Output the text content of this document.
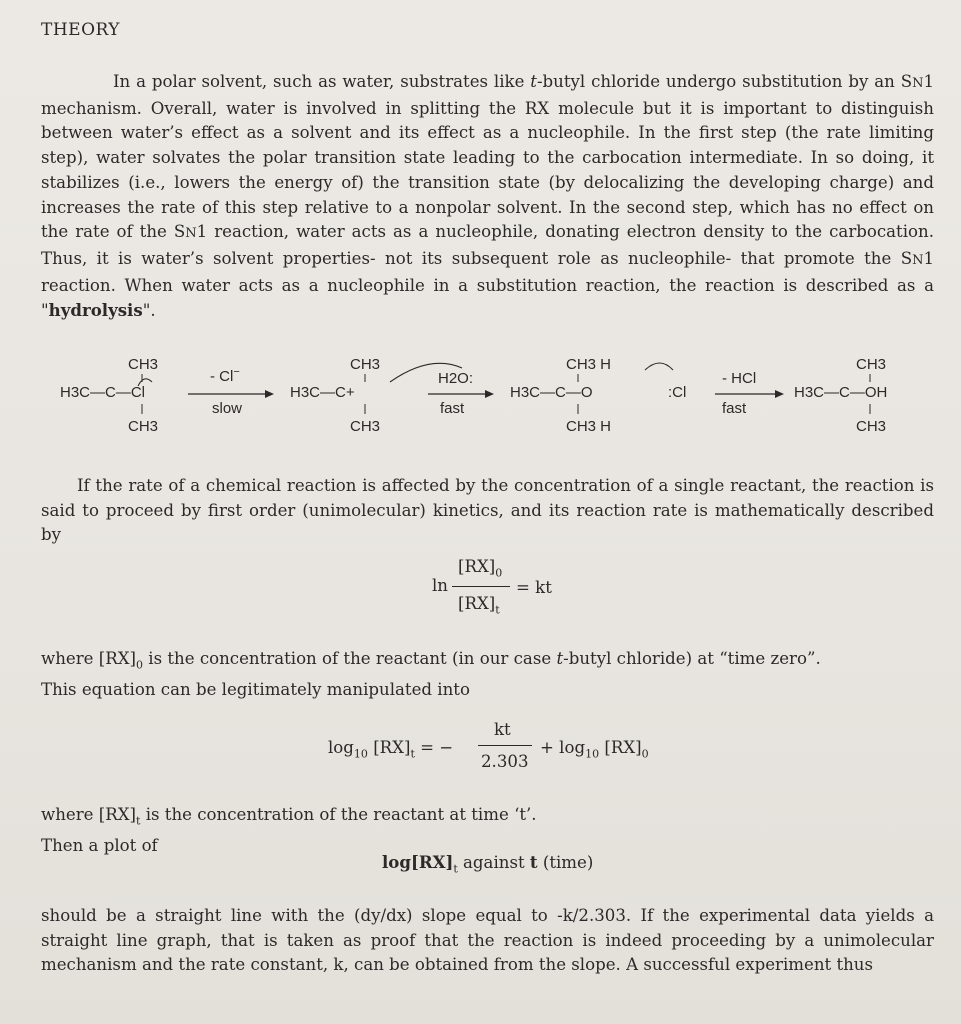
THEORY
In a polar solvent, such as water, substrates like t-butyl chloride undergo substitution by an SN1 mechanism. Overall, water is involved in splitting the RX molecule but it is important to distinguish between water’s effect as a solvent and its effect as a nucleophile. In the first step (the rate limiting step), water solvates the polar transition state leading to the carbocation intermediate. In so doing, it stabilizes (i.e., lowers the energy of) the transition state (by delocalizing the developing charge) and increases the rate of this step relative to a nonpolar solvent. In the second step, which has no effect on the rate of the SN1 reaction, water acts as a nucleophile, donating electron density to the carbocation. Thus, it is water’s solvent properties- not its subsequent role as nucleophile- that promote the SN1 reaction. When water acts as a nucleophile in a substitution reaction, the reaction is described as a "hydrolysis".
CH3
H3C—C—Cl
CH3
- Cl−
slow
CH3
H3C—C+
CH3
H2O:
fast
CH3 H
H3C—C—O
CH3 H
:Cl
- HCl
fast
CH3
H3C—C—OH
CH3
If the rate of a chemical reaction is affected by the concentration of a single reactant, the reaction is said to proceed by first order (unimolecular) kinetics, and its reaction rate is mathematically described by
ln
$[RX]_0$
$[RX]_t$
= kt
where $[RX]_0$ is the concentration of the reactant (in our case t-butyl chloride) at “time zero”.
This equation can be legitimately manipulated into
$\log_{10} [RX]_t$ = −
kt
2.303
+ $\log_{10} [RX]_0$
where $[RX]_t$ is the concentration of the reactant at time ‘t’.
Then a plot of
$\log[RX]_t$ against t (time)
should be a straight line with the (dy/dx) slope equal to -k/2.303. If the experimental data yields a straight line graph, that is taken as proof that the reaction is indeed proceeding by a unimolecular mechanism and the rate constant, k, can be obtained from the slope. A successful experiment thus
